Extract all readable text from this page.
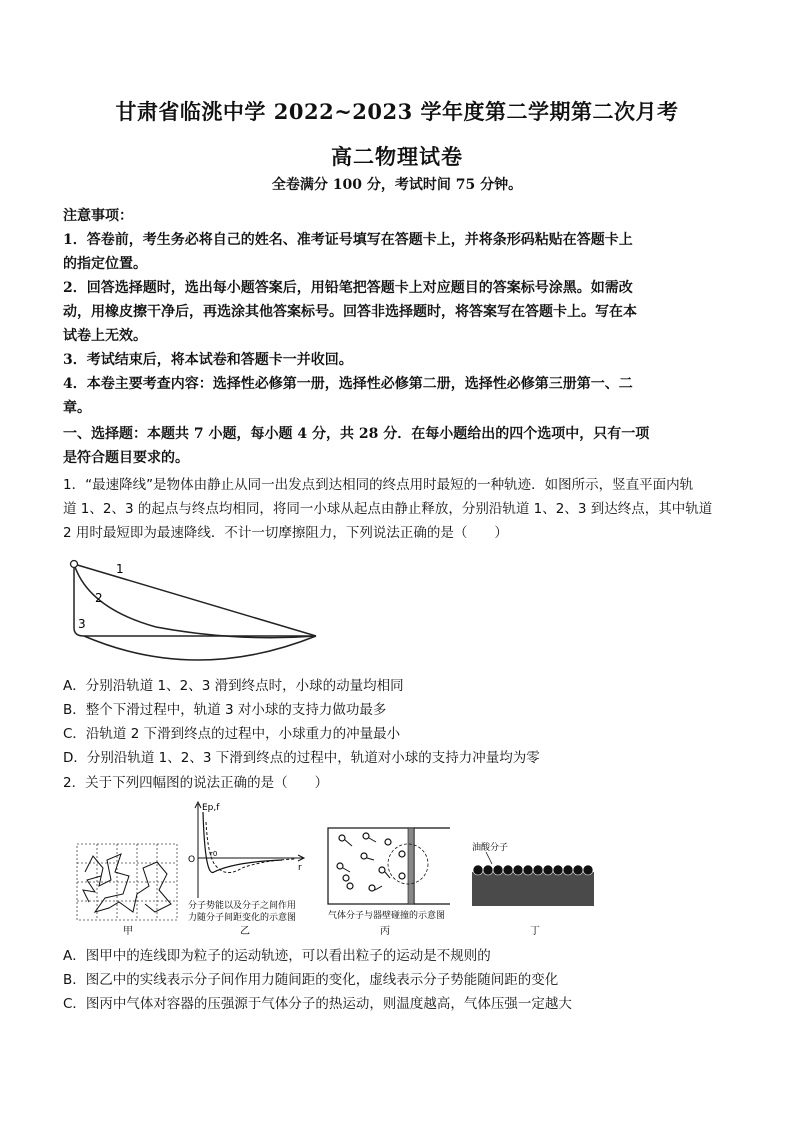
甘肃省临洮中学 2022~2023 学年度第二学期第二次月考
高二物理试卷
全卷满分 100 分，考试时间 75 分钟。
注意事项：
1．答卷前，考生务必将自己的姓名、准考证号填写在答题卡上，并将条形码粘贴在答题卡上
的指定位置。
2．回答选择题时，选出每小题答案后，用铅笔把答题卡上对应题目的答案标号涂黑。如需改
动，用橡皮擦干净后，再选涂其他答案标号。回答非选择题时，将答案写在答题卡上。写在本
试卷上无效。
3．考试结束后，将本试卷和答题卡一并收回。
4．本卷主要考查内容：选择性必修第一册，选择性必修第二册，选择性必修第三册第一、二
章。
一、选择题：本题共 7 小题，每小题 4 分，共 28 分．在每小题给出的四个选项中，只有一项
是符合题目要求的。
1．“最速降线”是物体由静止从同一出发点到达相同的终点用时最短的一种轨迹．如图所示，竖直平面内轨
道 1、2、3 的起点与终点均相同，将同一小球从起点由静止释放，分别沿轨道 1、2、3 到达终点，其中轨道
2 用时最短即为最速降线．不计一切摩擦阻力，下列说法正确的是（　　）
1
2
3
A．分别沿轨道 1、2、3 滑到终点时，小球的动量均相同
B．整个下滑过程中，轨道 3 对小球的支持力做功最多
C．沿轨道 2 下滑到终点的过程中，小球重力的冲量最小
D．分别沿轨道 1、2、3 下滑到终点的过程中，轨道对小球的支持力冲量均为零
2．关于下列四幅图的说法正确的是（　　）
甲
Ep,f
O
r
r0
分子势能以及分子之间作用
力随分子间距变化的示意图
乙
气体分子与器壁碰撞的示意图
丙
油酸分子
丁
A．图甲中的连线即为粒子的运动轨迹，可以看出粒子的运动是不规则的
B．图乙中的实线表示分子间作用力随间距的变化，虚线表示分子势能随间距的变化
C．图丙中气体对容器的压强源于气体分子的热运动，则温度越高，气体压强一定越大
